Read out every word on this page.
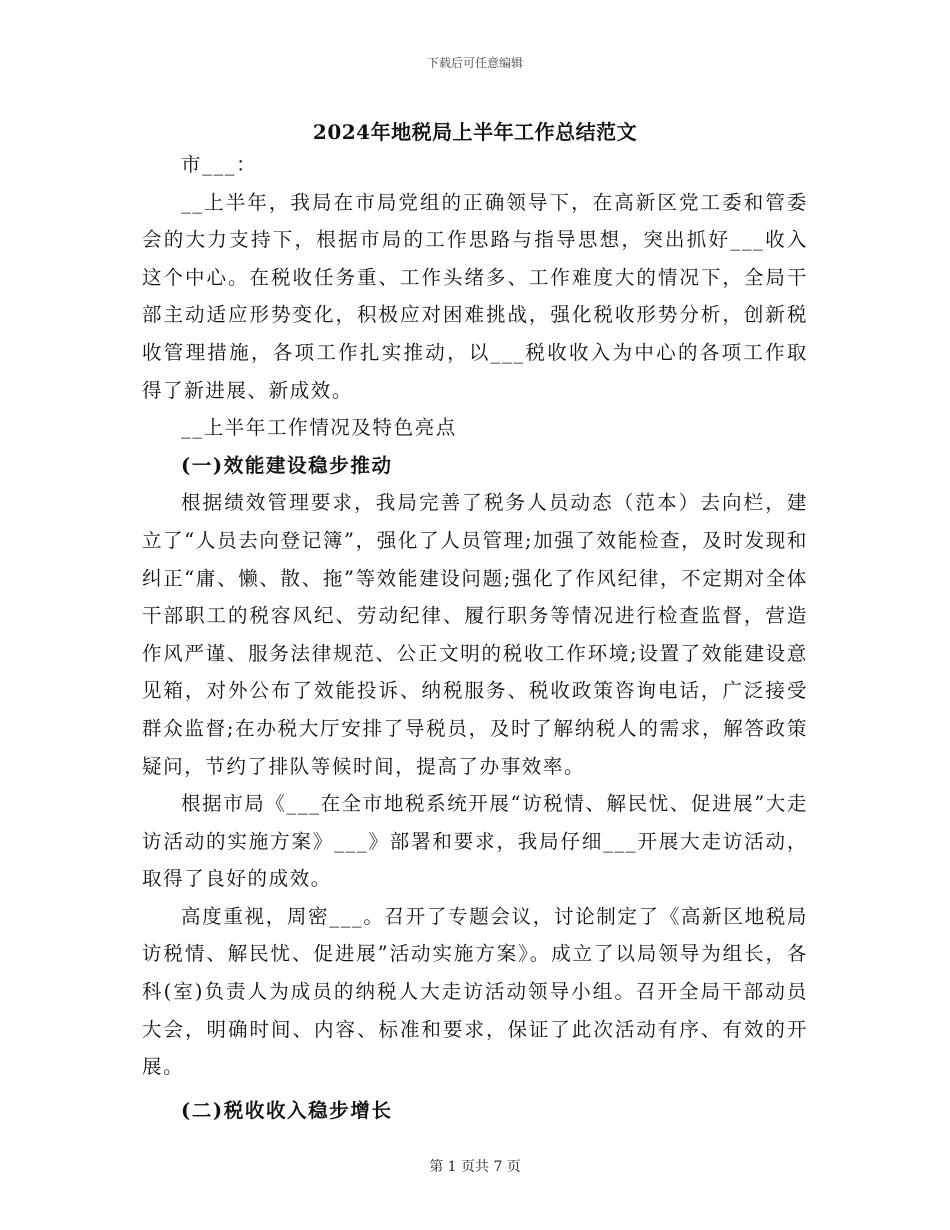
下载后可任意编辑
2024年地税局上半年工作总结范文

市___：

__上半年，我局在市局党组的正确领导下，在高新区党工委和管委会的大力支持下，根据市局的工作思路与指导思想，突出抓好___收入这个中心。在税收任务重、工作头绪多、工作难度大的情况下，全局干部主动适应形势变化，积极应对困难挑战，强化税收形势分析，创新税收管理措施，各项工作扎实推动，以___税收收入为中心的各项工作取得了新进展、新成效。

__上半年工作情况及特色亮点

(一)效能建设稳步推动

根据绩效管理要求，我局完善了税务人员动态（范本）去向栏，建立了“人员去向登记簿”，强化了人员管理;加强了效能检查，及时发现和纠正“庸、懒、散、拖”等效能建设问题;强化了作风纪律，不定期对全体干部职工的税容风纪、劳动纪律、履行职务等情况进行检查监督，营造作风严谨、服务法律规范、公正文明的税收工作环境;设置了效能建设意见箱，对外公布了效能投诉、纳税服务、税收政策咨询电话，广泛接受群众监督;在办税大厅安排了导税员，及时了解纳税人的需求，解答政策疑问，节约了排队等候时间，提高了办事效率。

根据市局《___在全市地税系统开展“访税情、解民忧、促进展”大走访活动的实施方案》___》部署和要求，我局仔细___开展大走访活动，取得了良好的成效。

高度重视，周密___。召开了专题会议，讨论制定了《高新区地税局访税情、解民忧、促进展”活动实施方案》。成立了以局领导为组长，各科(室)负责人为成员的纳税人大走访活动领导小组。召开全局干部动员大会，明确时间、内容、标准和要求，保证了此次活动有序、有效的开展。

(二)税收收入稳步增长

第 1 页共 7 页
